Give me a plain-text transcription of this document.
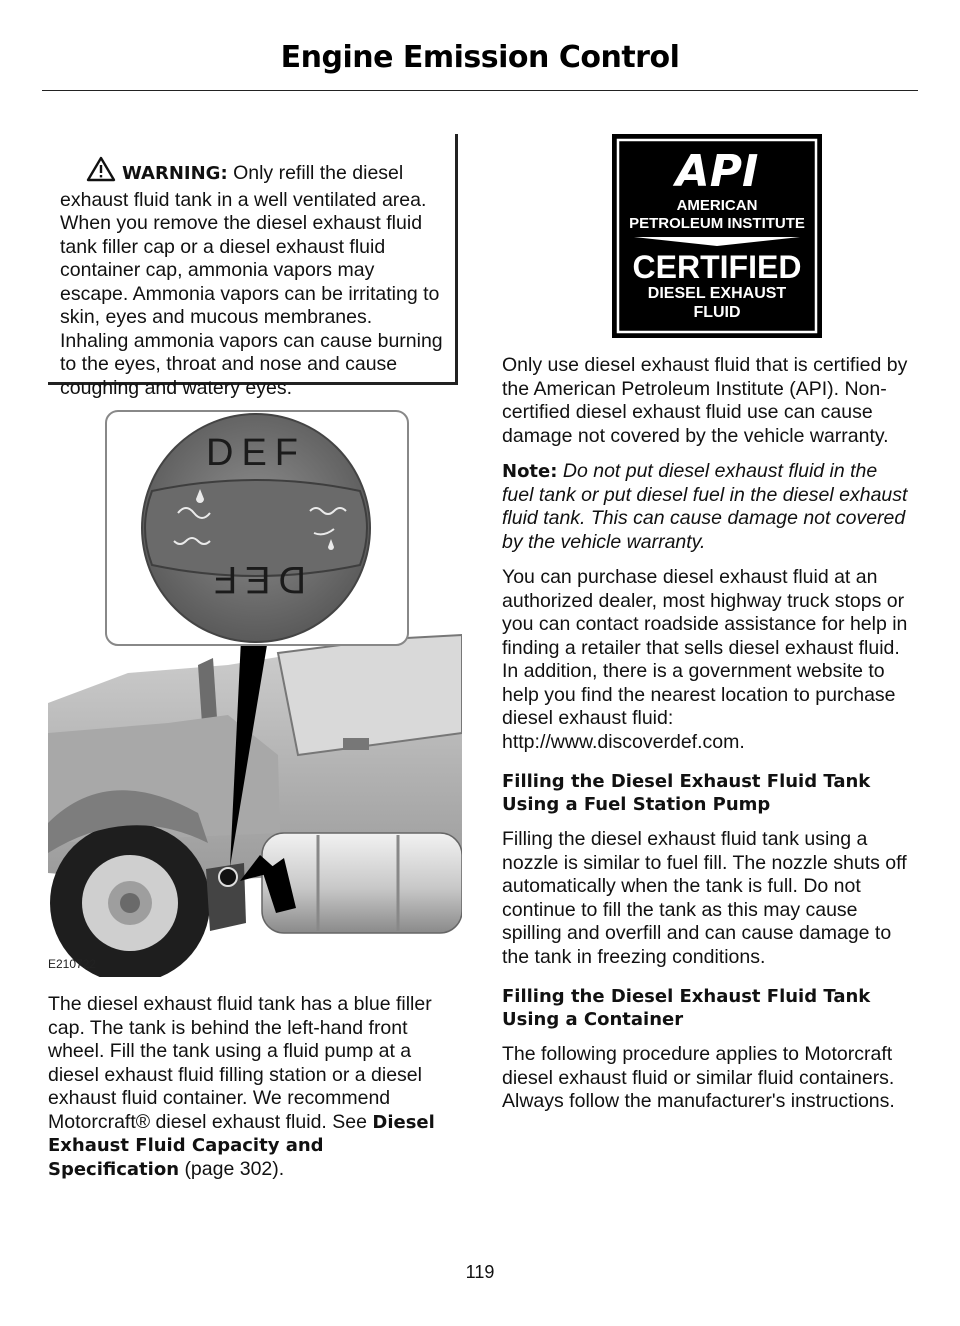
Engine Emission Control
WARNING: Only refill the diesel exhaust fluid tank in a well ventilated area. When you remove the diesel exhaust fluid tank filler cap or a diesel exhaust fluid container cap, ammonia vapors may escape. Ammonia vapors can be irritating to skin, eyes and mucous membranes. Inhaling ammonia vapors can cause burning to the eyes, throat and nose and cause coughing and watery eyes.
DEF
DEF
E210722

The diesel exhaust fluid tank has a blue filler cap. The tank is behind the left-hand front wheel. Fill the tank using a fluid pump at a diesel exhaust fluid filling station or a diesel exhaust fluid container. We recommend Motorcraft® diesel exhaust fluid. See Diesel Exhaust Fluid Capacity and Specification (page 302).

API
AMERICAN
PETROLEUM INSTITUTE
CERTIFIED
DIESEL EXHAUST
FLUID

Only use diesel exhaust fluid that is certified by the American Petroleum Institute (API). Non-certified diesel exhaust fluid use can cause damage not covered by the vehicle warranty.

Note: Do not put diesel exhaust fluid in the fuel tank or put diesel fuel in the diesel exhaust fluid tank. This can cause damage not covered by the vehicle warranty.

You can purchase diesel exhaust fluid at an authorized dealer, most highway truck stops or you can contact roadside assistance for help in finding a retailer that sells diesel exhaust fluid. In addition, there is a government website to help you find the nearest location to purchase diesel exhaust fluid:
http://www.discoverdef.com.

Filling the Diesel Exhaust Fluid Tank Using a Fuel Station Pump

Filling the diesel exhaust fluid tank using a nozzle is similar to fuel fill. The nozzle shuts off automatically when the tank is full. Do not continue to fill the tank as this may cause spilling and overfill and can cause damage to the tank in freezing conditions.

Filling the Diesel Exhaust Fluid Tank Using a Container

The following procedure applies to Motorcraft diesel exhaust fluid or similar fluid containers. Always follow the manufacturer's instructions.

119
